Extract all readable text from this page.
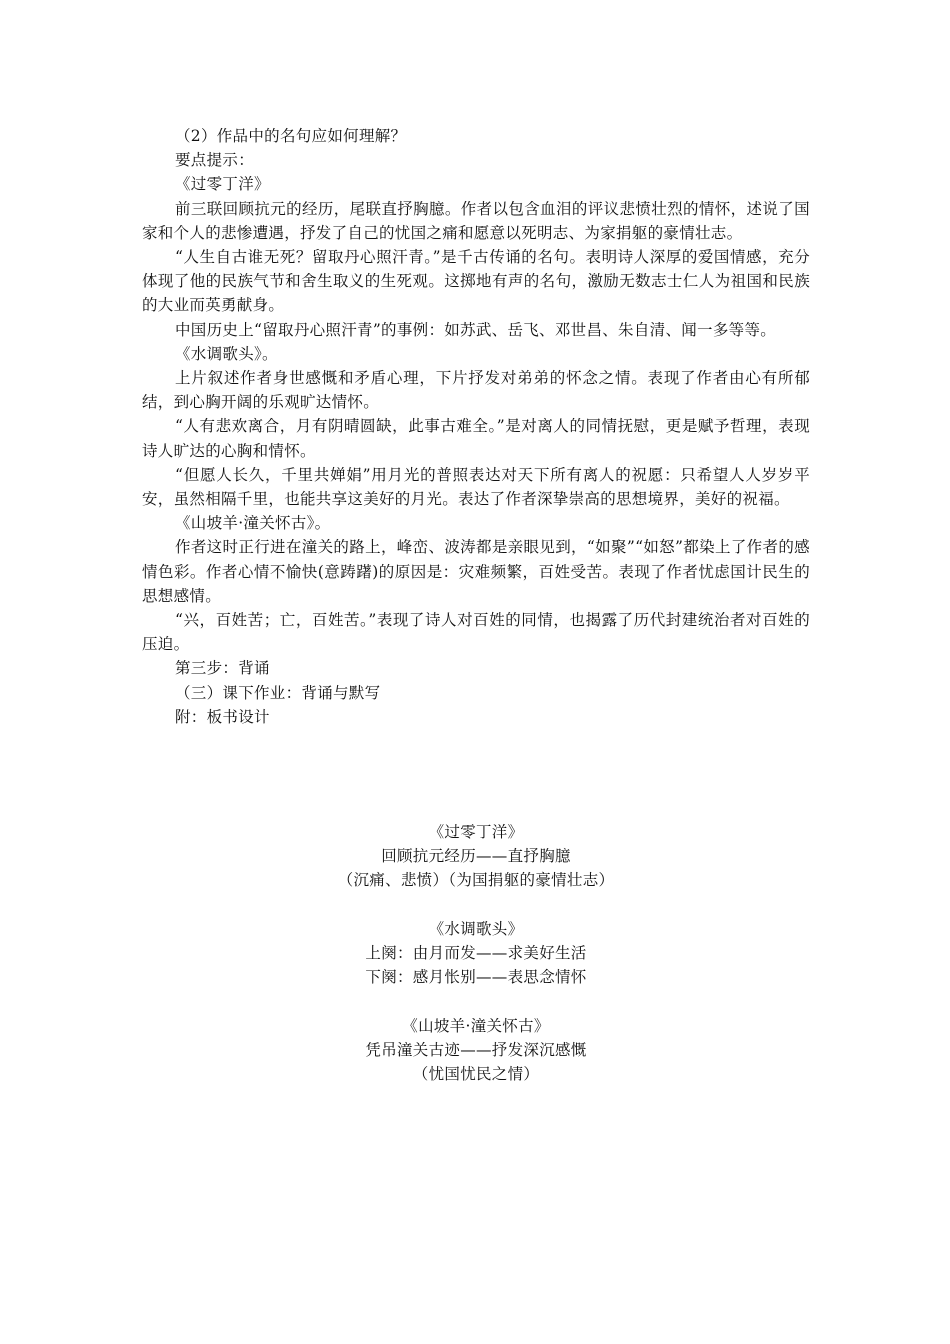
（2）作品中的名句应如何理解？

要点提示：

《过零丁洋》

前三联回顾抗元的经历，尾联直抒胸臆。作者以包含血泪的评议悲愤壮烈的情怀，述说了国家和个人的悲惨遭遇，抒发了自己的忧国之痛和愿意以死明志、为家捐躯的豪情壮志。

“人生自古谁无死？留取丹心照汗青。”是千古传诵的名句。表明诗人深厚的爱国情感，充分体现了他的民族气节和舍生取义的生死观。这掷地有声的名句，激励无数志士仁人为祖国和民族的大业而英勇献身。

中国历史上“留取丹心照汗青”的事例：如苏武、岳飞、邓世昌、朱自清、闻一多等等。

《水调歌头》。

上片叙述作者身世感慨和矛盾心理，下片抒发对弟弟的怀念之情。表现了作者由心有所郁结，到心胸开阔的乐观旷达情怀。

“人有悲欢离合，月有阴晴圆缺，此事古难全。”是对离人的同情抚慰，更是赋予哲理，表现诗人旷达的心胸和情怀。

“但愿人长久，千里共婵娟”用月光的普照表达对天下所有离人的祝愿：只希望人人岁岁平安，虽然相隔千里，也能共享这美好的月光。表达了作者深挚崇高的思想境界，美好的祝福。

《山坡羊·潼关怀古》。

作者这时正行进在潼关的路上，峰峦、波涛都是亲眼见到，“如聚”“如怒”都染上了作者的感情色彩。作者心情不愉快(意踌躇)的原因是：灾难频繁，百姓受苦。表现了作者忧虑国计民生的思想感情。

“兴，百姓苦；亡，百姓苦。”表现了诗人对百姓的同情，也揭露了历代封建统治者对百姓的压迫。

第三步：背诵

（三）课下作业：背诵与默写

附：板书设计

《过零丁洋》
回顾抗元经历——直抒胸臆
（沉痛、悲愤）（为国捐躯的豪情壮志）
《水调歌头》
上阕：由月而发——求美好生活
下阕：感月怅别——表思念情怀
《山坡羊·潼关怀古》
凭吊潼关古迹——抒发深沉感慨
（忧国忧民之情）
